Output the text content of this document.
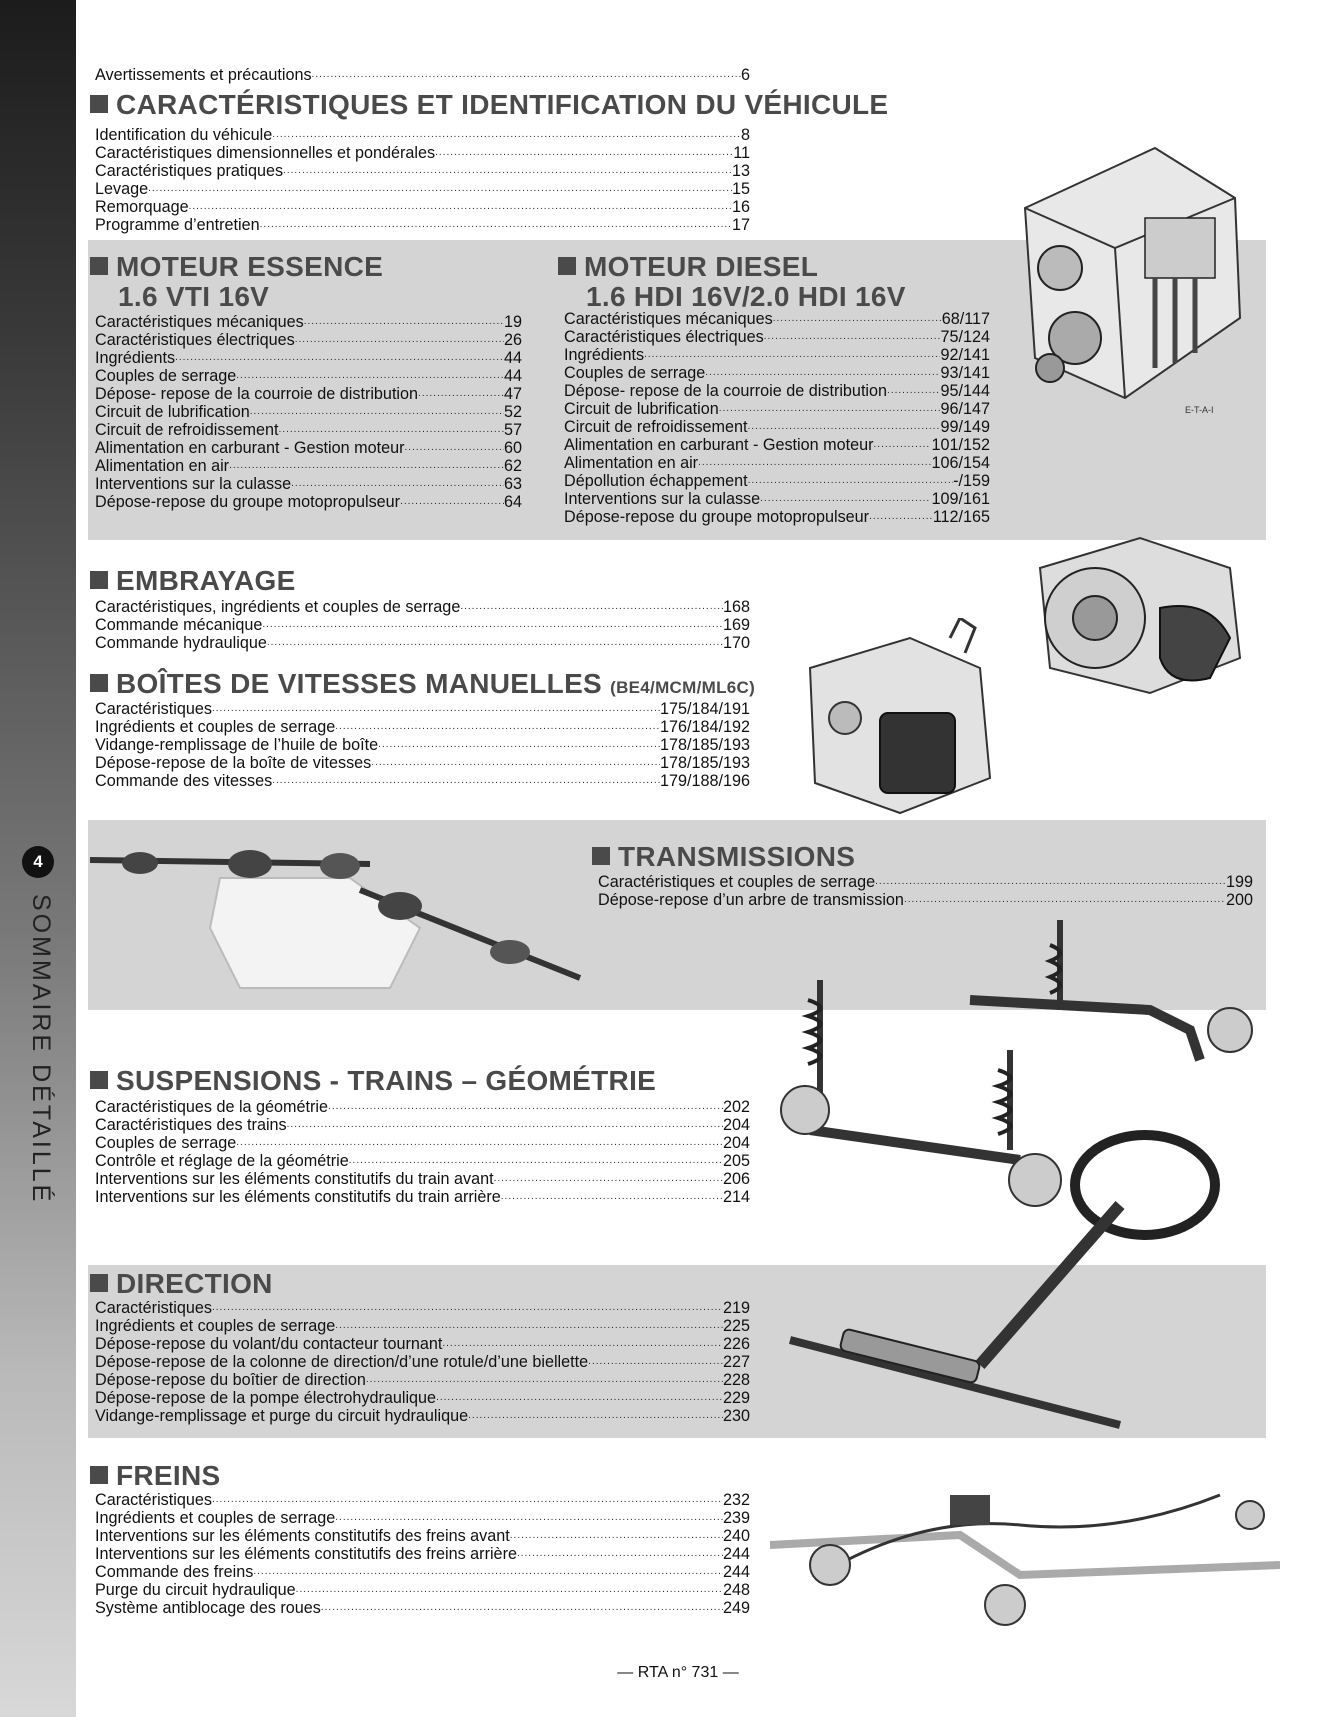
4
SOMMAIRE DÉTAILLÉ
Avertissements et précautions .....	6
CARACTÉRISTIQUES ET IDENTIFICATION DU VÉHICULE
Identification du véhicule .....	8
Caractéristiques dimensionnelles et pondérales .....	11
Caractéristiques pratiques .....	13
Levage .....	15
Remorquage .....	16
Programme d’entretien .....	17
MOTEUR ESSENCE
1.6 VTI 16V
Caractéristiques mécaniques .....	19
Caractéristiques électriques .....	26
Ingrédients .....	44
Couples de serrage .....	44
Dépose- repose de la courroie de distribution .....	47
Circuit de lubrification .....	52
Circuit de refroidissement .....	57
Alimentation en carburant - Gestion moteur .....	60
Alimentation en air .....	62
Interventions sur la culasse .....	63
Dépose-repose du groupe motopropulseur .....	64
MOTEUR DIESEL
1.6 HDI 16V/2.0 HDI 16V
Caractéristiques mécaniques .....	68/117
Caractéristiques électriques .....	75/124
Ingrédients .....	92/141
Couples de serrage .....	93/141
Dépose- repose de la courroie de distribution .....	95/144
Circuit de lubrification .....	96/147
Circuit de refroidissement .....	99/149
Alimentation en carburant - Gestion moteur .....	101/152
Alimentation en air .....	106/154
Dépollution échappement .....	-/159
Interventions sur la culasse .....	109/161
Dépose-repose du groupe motopropulseur .....	112/165
EMBRAYAGE
Caractéristiques, ingrédients et couples de serrage .....	168
Commande mécanique .....	169
Commande hydraulique .....	170
BOÎTES DE VITESSES MANUELLES (BE4/MCM/ML6C)
Caractéristiques .....	175/184/191
Ingrédients et couples de serrage .....	176/184/192
Vidange-remplissage de l’huile de boîte .....	178/185/193
Dépose-repose de la boîte de vitesses .....	178/185/193
Commande des vitesses .....	179/188/196
TRANSMISSIONS
Caractéristiques et couples de serrage .....	199
Dépose-repose d’un arbre de transmission .....	200
SUSPENSIONS - TRAINS – GÉOMÉTRIE
Caractéristiques de la géométrie .....	202
Caractéristiques des trains .....	204
Couples de serrage .....	204
Contrôle et réglage de la géométrie .....	205
Interventions sur les éléments constitutifs du train avant .....	206
Interventions sur les éléments constitutifs du train arrière .....	214
DIRECTION
Caractéristiques .....	219
Ingrédients et couples de serrage .....	225
Dépose-repose du volant/du contacteur tournant .....	226
Dépose-repose de la colonne de direction/d’une rotule/d’une biellette .....	227
Dépose-repose du boîtier de direction .....	228
Dépose-repose de la pompe électrohydraulique .....	229
Vidange-remplissage et purge du circuit hydraulique .....	230
FREINS
Caractéristiques .....	232
Ingrédients et couples de serrage .....	239
Interventions sur les éléments constitutifs des freins avant .....	240
Interventions sur les éléments constitutifs des freins arrière .....	244
Commande des freins .....	244
Purge du circuit hydraulique .....	248
Système antiblocage des roues .....	249
E-T-A-I
— RTA n° 731 —
